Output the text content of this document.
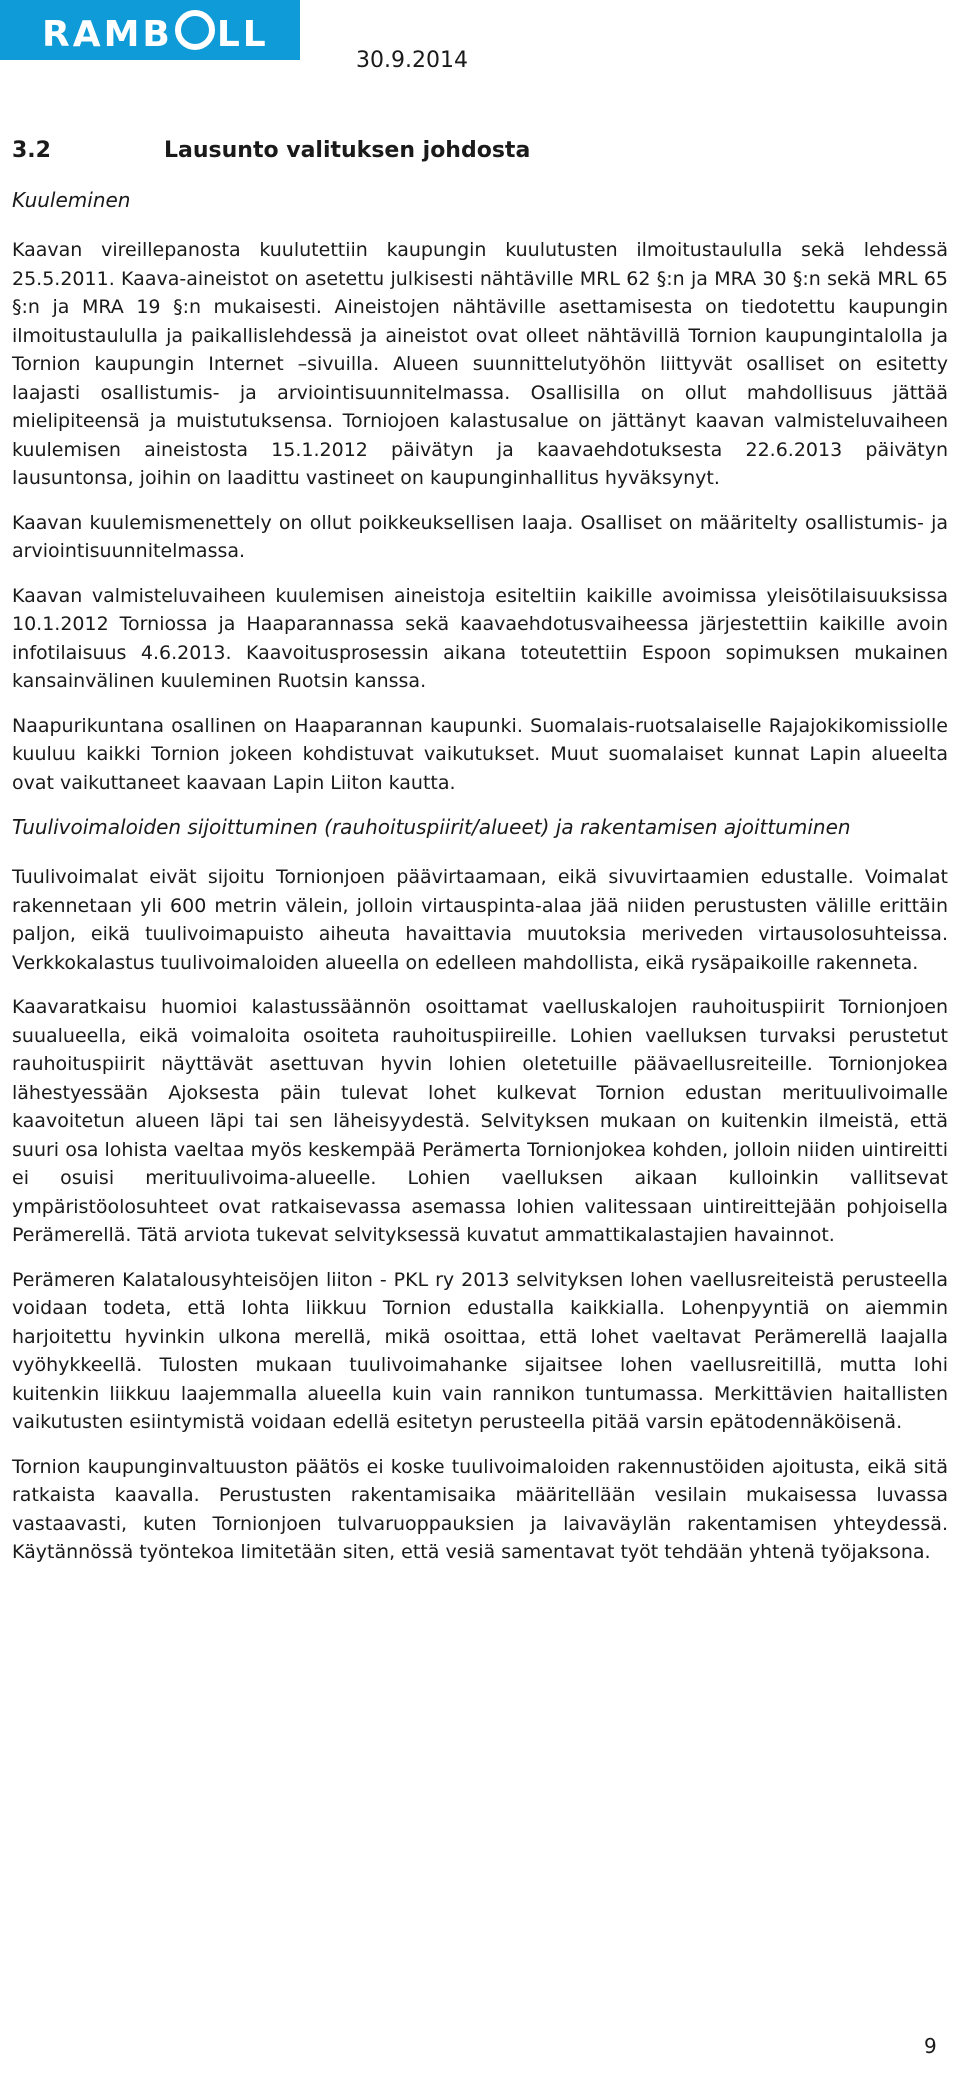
RAMB LL
30.9.2014
3.2	Lausunto valituksen johdosta
Kuuleminen

Kaavan vireillepanosta kuulutettiin kaupungin kuulutusten ilmoitustaululla sekä lehdessä 25.5.2011. Kaava-aineistot on asetettu julkisesti nähtäville MRL 62 §:n ja MRA 30 §:n sekä MRL 65 §:n ja MRA 19 §:n mukaisesti. Aineistojen nähtäville asettamisesta on tiedotettu kaupungin ilmoitustaululla ja paikallislehdessä ja aineistot ovat olleet nähtävillä Tornion kaupungintalolla ja Tornion kaupungin Internet –sivuilla. Alueen suunnittelutyöhön liittyvät osalliset on esitetty laajasti osallistumis- ja arviointisuunnitelmassa. Osallisilla on ollut mahdollisuus jättää mielipiteensä ja muistutuksensa. Torniojoen kalastusalue on jättänyt kaavan valmisteluvaiheen kuulemisen aineistosta 15.1.2012 päivätyn ja kaavaehdotuksesta 22.6.2013 päivätyn lausuntonsa, joihin on laadittu vastineet on kaupunginhallitus hyväksynyt.

Kaavan kuulemismenettely on ollut poikkeuksellisen laaja. Osalliset on määritelty osallistumis- ja arviointisuunnitelmassa.

Kaavan valmisteluvaiheen kuulemisen aineistoja esiteltiin kaikille avoimissa yleisötilaisuuksissa 10.1.2012 Torniossa ja Haaparannassa sekä kaavaehdotusvaiheessa järjestettiin kaikille avoin infotilaisuus 4.6.2013. Kaavoitusprosessin aikana toteutettiin Espoon sopimuksen mukainen kansainvälinen kuuleminen Ruotsin kanssa.

Naapurikuntana osallinen on Haaparannan kaupunki. Suomalais-ruotsalaiselle Rajajokikomissiolle kuuluu kaikki Tornion jokeen kohdistuvat vaikutukset. Muut suomalaiset kunnat Lapin alueelta ovat vaikuttaneet kaavaan Lapin Liiton kautta.

Tuulivoimaloiden sijoittuminen (rauhoituspiirit/alueet) ja rakentamisen ajoittuminen

Tuulivoimalat eivät sijoitu Tornionjoen päävirtaamaan, eikä sivuvirtaamien edustalle. Voimalat rakennetaan yli 600 metrin välein, jolloin virtauspinta-alaa jää niiden perustusten välille erittäin paljon, eikä tuulivoimapuisto aiheuta havaittavia muutoksia meriveden virtausolosuhteissa. Verkkokalastus tuulivoimaloiden alueella on edelleen mahdollista, eikä rysäpaikoille rakenneta.

Kaavaratkaisu huomioi kalastussäännön osoittamat vaelluskalojen rauhoituspiirit Tornionjoen suualueella, eikä voimaloita osoiteta rauhoituspiireille. Lohien vaelluksen turvaksi perustetut rauhoituspiirit näyttävät asettuvan hyvin lohien oletetuille päävaellusreiteille. Tornionjokea lähestyessään Ajoksesta päin tulevat lohet kulkevat Tornion edustan merituulivoimalle kaavoitetun alueen läpi tai sen läheisyydestä. Selvityksen mukaan on kuitenkin ilmeistä, että suuri osa lohista vaeltaa myös keskempää Perämerta Tornionjokea kohden, jolloin niiden uintireitti ei osuisi merituulivoima-alueelle. Lohien vaelluksen aikaan kulloinkin vallitsevat ympäristöolosuhteet ovat ratkaisevassa asemassa lohien valitessaan uintireittejään pohjoisella Perämerellä. Tätä arviota tukevat selvityksessä kuvatut ammattikalastajien havainnot.

Perämeren Kalatalousyhteisöjen liiton - PKL ry 2013 selvityksen lohen vaellusreiteistä perusteella voidaan todeta, että lohta liikkuu Tornion edustalla kaikkialla. Lohenpyyntiä on aiemmin harjoitettu hyvinkin ulkona merellä, mikä osoittaa, että lohet vaeltavat Perämerellä laajalla vyöhykkeellä. Tulosten mukaan tuulivoimahanke sijaitsee lohen vaellusreitillä, mutta lohi kuitenkin liikkuu laajemmalla alueella kuin vain rannikon tuntumassa. Merkittävien haitallisten vaikutusten esiintymistä voidaan edellä esitetyn perusteella pitää varsin epätodennäköisenä.

Tornion kaupunginvaltuuston päätös ei koske tuulivoimaloiden rakennustöiden ajoitusta, eikä sitä ratkaista kaavalla. Perustusten rakentamisaika määritellään vesilain mukaisessa luvassa vastaavasti, kuten Tornionjoen tulvaruoppauksien ja laivaväylän rakentamisen yhteydessä. Käytännössä työntekoa limitetään siten, että vesiä samentavat työt tehdään yhtenä työjaksona.

9
